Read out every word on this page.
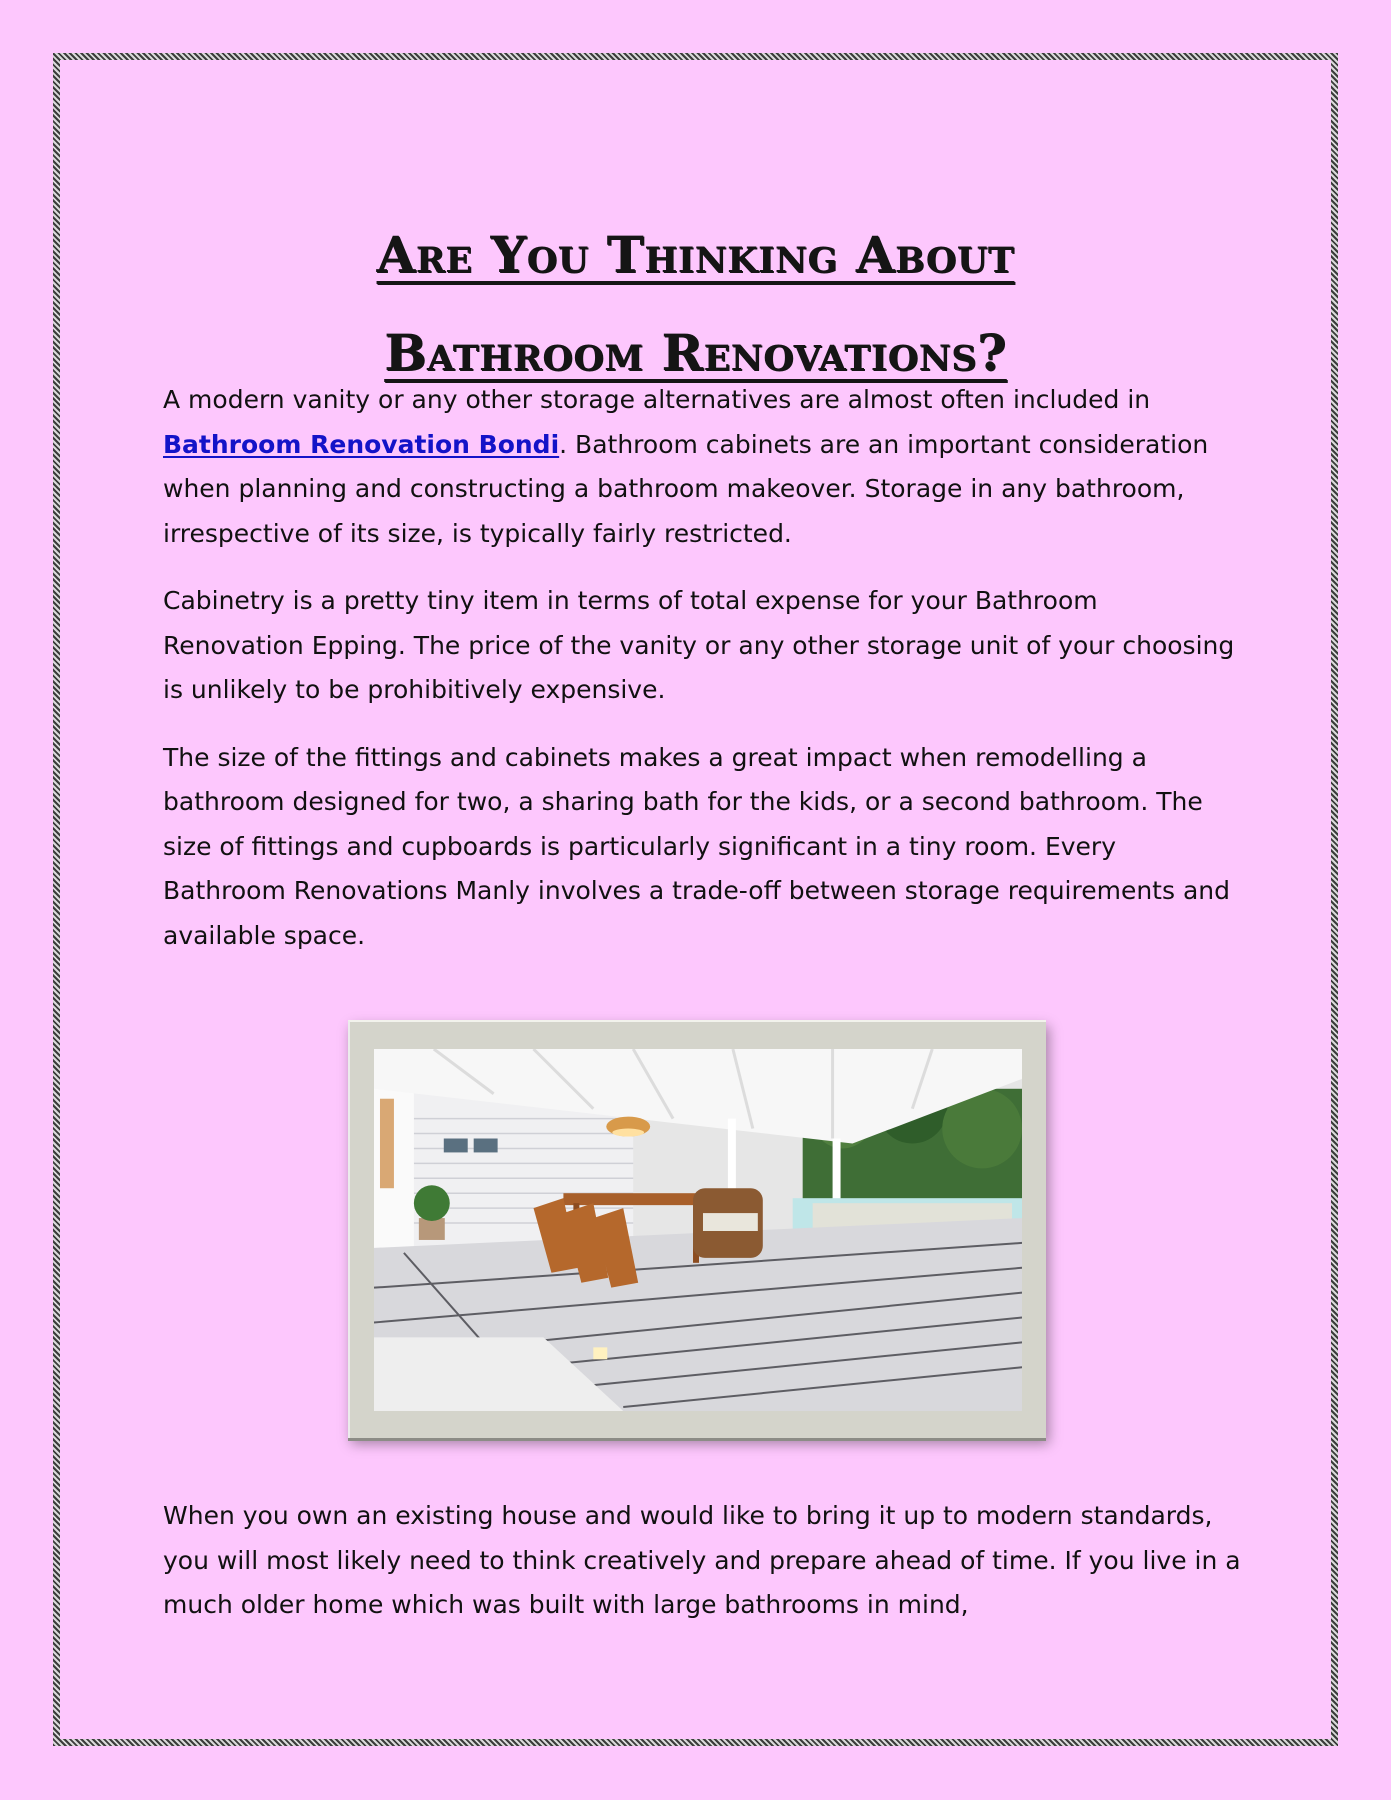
Are You Thinking About
Bathroom Renovations?

A modern vanity or any other storage alternatives are almost often included in Bathroom Renovation Bondi. Bathroom cabinets are an important consideration when planning and constructing a bathroom makeover. Storage in any bathroom, irrespective of its size, is typically fairly restricted.

Cabinetry is a pretty tiny item in terms of total expense for your Bathroom Renovation Epping. The price of the vanity or any other storage unit of your choosing is unlikely to be prohibitively expensive.

The size of the fittings and cabinets makes a great impact when remodelling a bathroom designed for two, a sharing bath for the kids, or a second bathroom. The size of fittings and cupboards is particularly significant in a tiny room. Every Bathroom Renovations Manly involves a trade-off between storage requirements and available space.

When you own an existing house and would like to bring it up to modern standards, you will most likely need to think creatively and prepare ahead of time. If you live in a much older home which was built with large bathrooms in mind,
